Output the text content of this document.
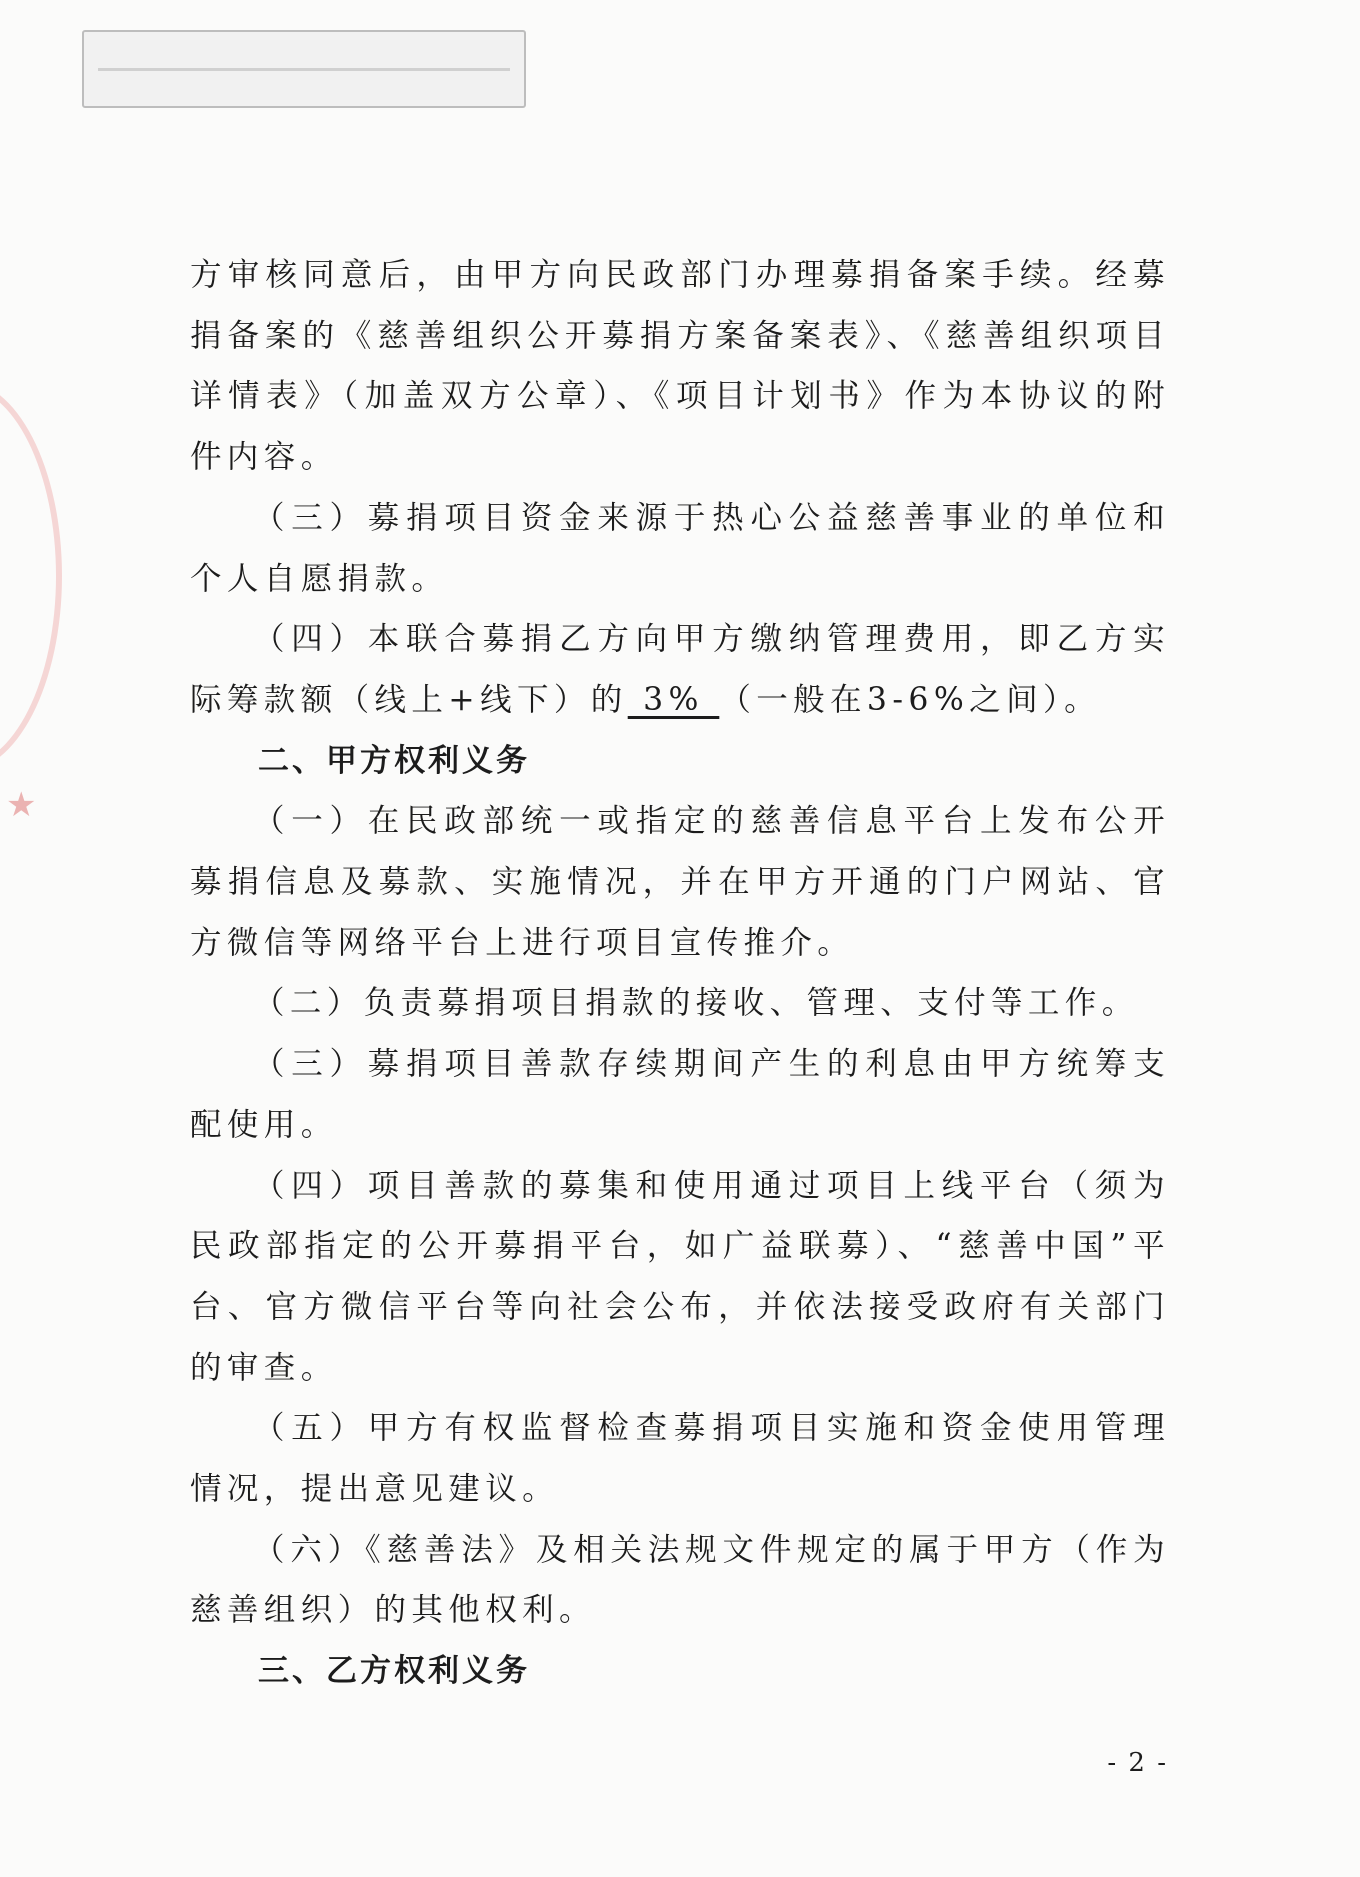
★

方审核同意后，由甲方向民政部门办理募捐备案手续。经募捐备案的《慈善组织公开募捐方案备案表》、《慈善组织项目详情表》（加盖双方公章）、《项目计划书》作为本协议的附件内容。

（三）募捐项目资金来源于热心公益慈善事业的单位和个人自愿捐款。

（四）本联合募捐乙方向甲方缴纳管理费用，即乙方实际筹款额（线上+线下）的 3% （一般在3-6%之间）。

二、甲方权利义务

（一）在民政部统一或指定的慈善信息平台上发布公开募捐信息及募款、实施情况，并在甲方开通的门户网站、官方微信等网络平台上进行项目宣传推介。

（二）负责募捐项目捐款的接收、管理、支付等工作。

（三）募捐项目善款存续期间产生的利息由甲方统筹支配使用。

（四）项目善款的募集和使用通过项目上线平台（须为民政部指定的公开募捐平台，如广益联募）、“慈善中国”平台、官方微信平台等向社会公布，并依法接受政府有关部门的审查。

（五）甲方有权监督检查募捐项目实施和资金使用管理情况，提出意见建议。

（六）《慈善法》及相关法规文件规定的属于甲方（作为慈善组织）的其他权利。

三、乙方权利义务

- 2 -
